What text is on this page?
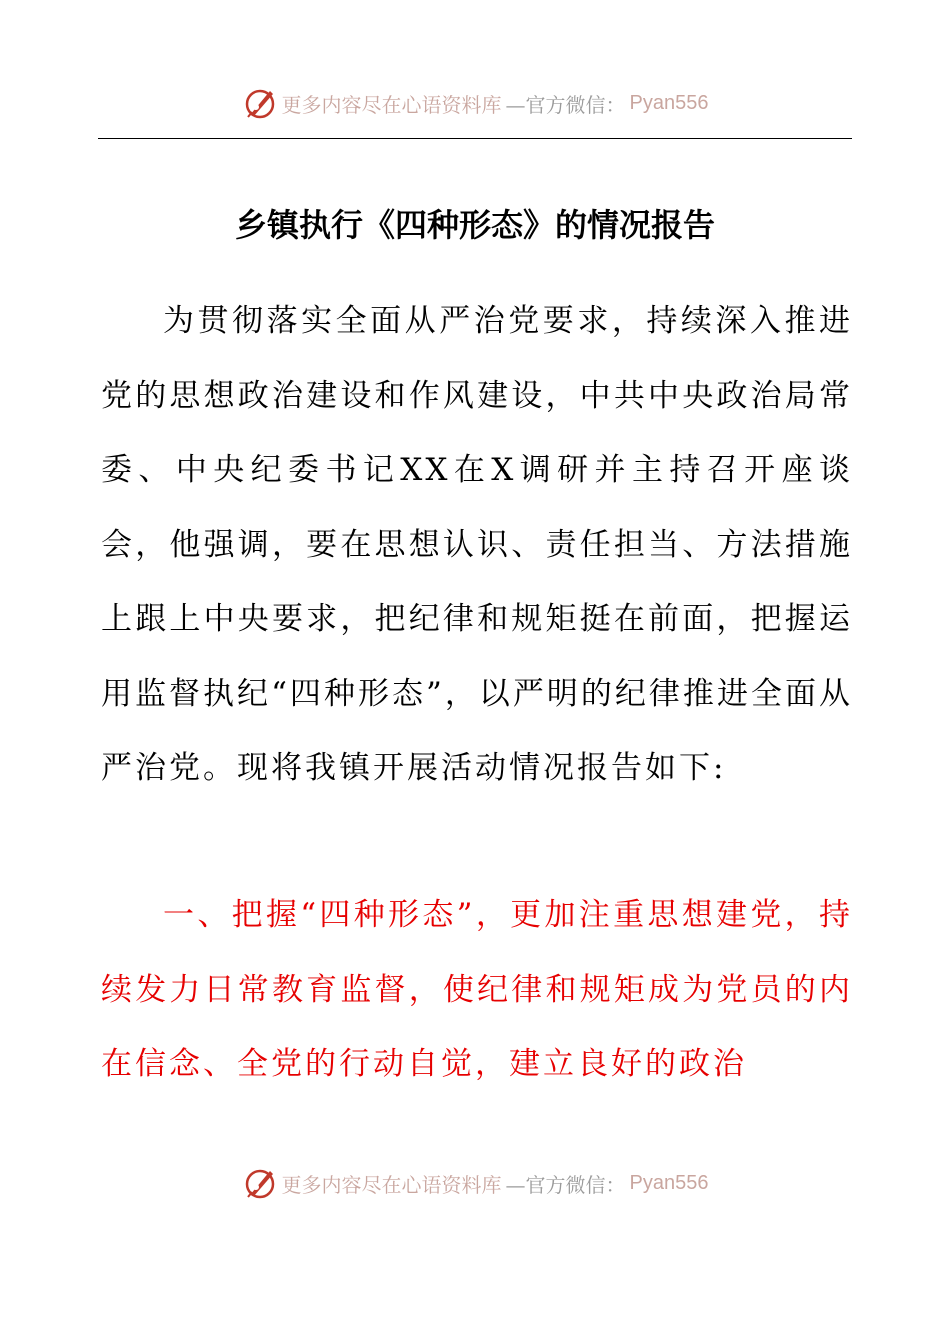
更多内容尽在心语资料库 —官方微信： Pyan556
乡镇执行《四种形态》的情况报告

为贯彻落实全面从严治党要求，持续深入推进党的思想政治建设和作风建设，中共中央政治局常委、中央纪委书记XX在X调研并主持召开座谈会，他强调，要在思想认识、责任担当、方法措施上跟上中央要求，把纪律和规矩挺在前面，把握运用监督执纪“四种形态”，以严明的纪律推进全面从严治党。现将我镇开展活动情况报告如下:

一、把握“四种形态”，更加注重思想建党，持续发力日常教育监督，使纪律和规矩成为党员的内在信念、全党的行动自觉，建立良好的政治

更多内容尽在心语资料库 —官方微信： Pyan556
